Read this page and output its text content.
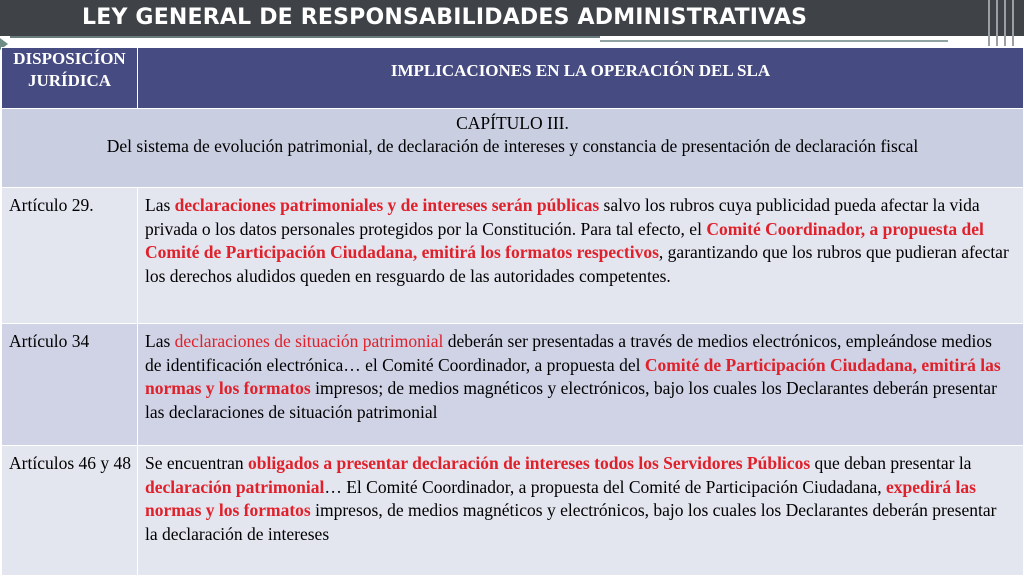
LEY GENERAL DE RESPONSABILIDADES ADMINISTRATIVAS
DISPOSICÍON JURÍDICA	IMPLICACIONES EN LA OPERACIÓN DEL SLA

CAPÍTULO III.
Del sistema de evolución patrimonial, de declaración de intereses y constancia de presentación de declaración fiscal	

Artículo 29.	Las declaraciones patrimoniales y de intereses serán públicas salvo los rubros cuya publicidad pueda afectar la vida privada o los datos personales protegidos por la Constitución. Para tal efecto, el Comité Coordinador, a propuesta del Comité de Participación Ciudadana, emitirá los formatos respectivos, garantizando que los rubros que pudieran afectar los derechos aludidos queden en resguardo de las autoridades competentes.
Artículo 34	Las declaraciones de situación patrimonial deberán ser presentadas a través de medios electrónicos, empleándose medios de identificación electrónica… el Comité Coordinador, a propuesta del Comité de Participación Ciudadana, emitirá las normas y los formatos impresos; de medios magnéticos y electrónicos, bajo los cuales los Declarantes deberán presentar las declaraciones de situación patrimonial
Artículos 46 y 48	Se encuentran obligados a presentar declaración de intereses todos los Servidores Públicos que deban presentar la declaración patrimonial… El Comité Coordinador, a propuesta del Comité de Participación Ciudadana, expedirá las normas y los formatos impresos, de medios magnéticos y electrónicos, bajo los cuales los Declarantes deberán presentar la declaración de intereses
